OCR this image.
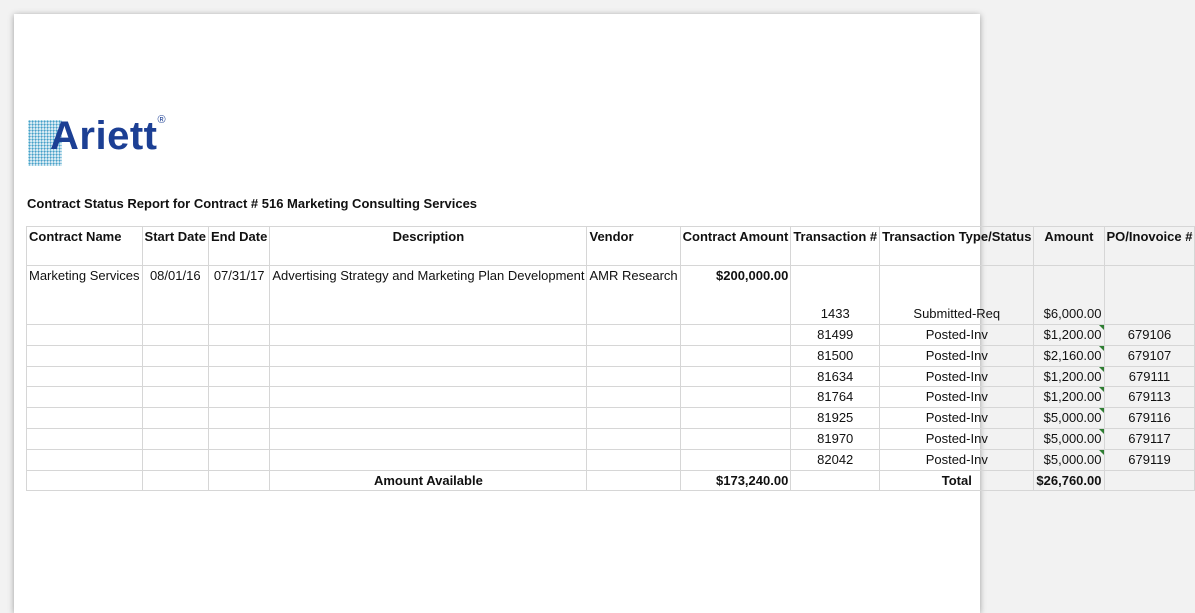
Ariett®
Contract Status Report for Contract # 516 Marketing Consulting Services
Contract Name	Start Date	End Date	Description	Vendor	Contract Amount	Transaction #	Transaction Type/Status	Amount	PO/Inovoice #
Marketing Services	08/01/16	07/31/17	Advertising Strategy and Marketing Plan Development	AMR Research	$200,000.00	1433	Submitted-Req	$6,000.00	
						81499	Posted-Inv	$1,200.00	679106
						81500	Posted-Inv	$2,160.00	679107
						81634	Posted-Inv	$1,200.00	679111
						81764	Posted-Inv	$1,200.00	679113
						81925	Posted-Inv	$5,000.00	679116
						81970	Posted-Inv	$5,000.00	679117
						82042	Posted-Inv	$5,000.00	679119
			Amount Available		$173,240.00		Total	$26,760.00	
